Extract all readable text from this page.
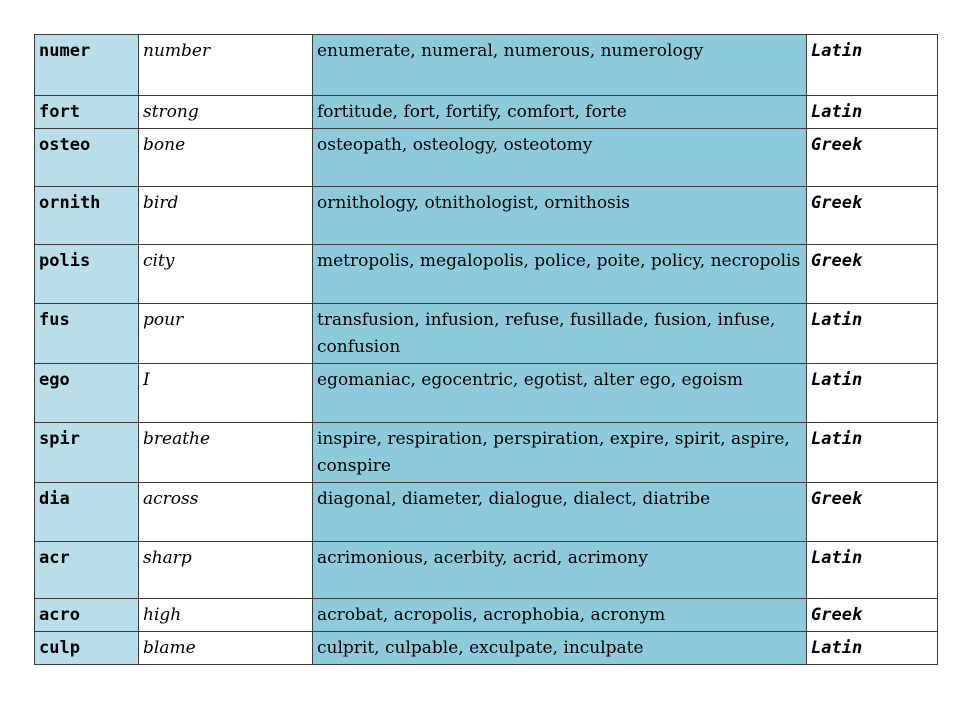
numer	number	enumerate, numeral, numerous, numerology	Latin
fort	strong	fortitude, fort, fortify, comfort, forte	Latin
osteo	bone	osteopath, osteology, osteotomy	Greek
ornith	bird	ornithology, otnithologist, ornithosis	Greek
polis	city	metropolis, megalopolis, police, poite, policy, necropolis	Greek
fus	pour	transfusion, infusion, refuse, fusillade, fusion, infuse, confusion	Latin
ego	I	egomaniac, egocentric, egotist, alter ego, egoism	Latin
spir	breathe	inspire, respiration, perspiration, expire, spirit, aspire, conspire	Latin
dia	across	diagonal, diameter, dialogue, dialect, diatribe	Greek
acr	sharp	acrimonious, acerbity, acrid, acrimony	Latin
acro	high	acrobat, acropolis, acrophobia, acronym	Greek
culp	blame	culprit, culpable, exculpate, inculpate	Latin
